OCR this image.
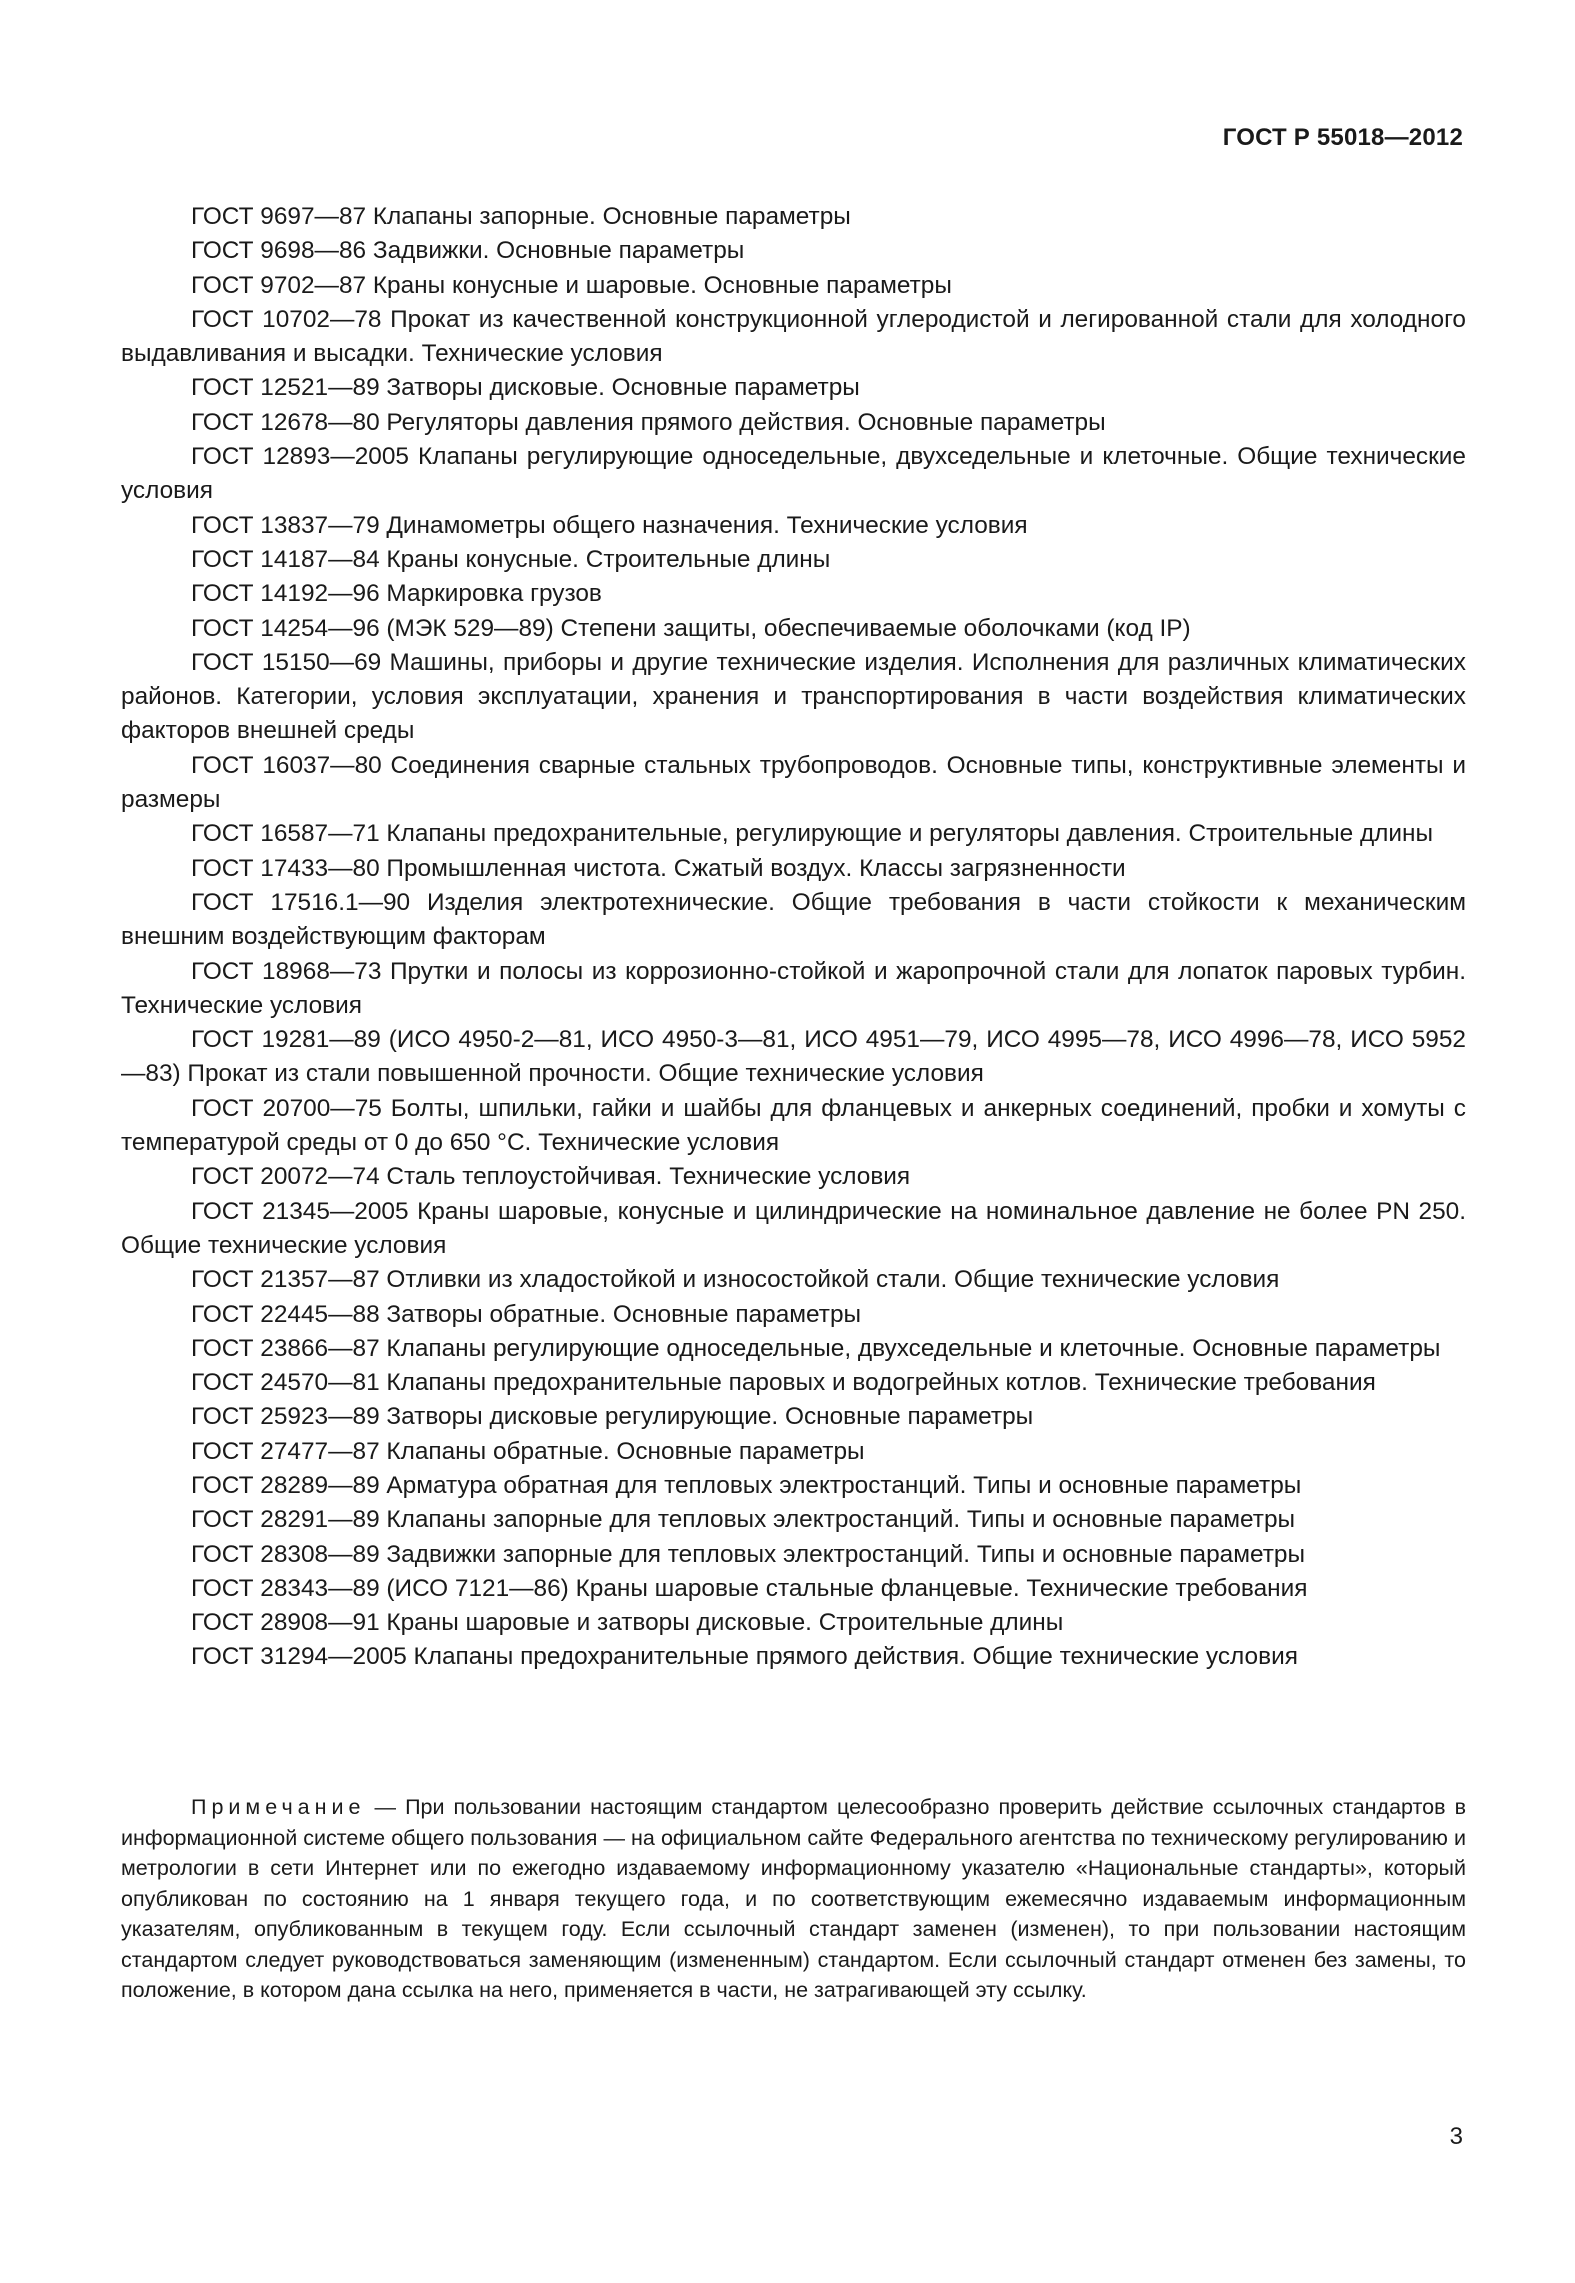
ГОСТ Р 55018—2012

ГОСТ 9697—87 Клапаны запорные. Основные параметры

ГОСТ 9698—86 Задвижки. Основные параметры

ГОСТ 9702—87 Краны конусные и шаровые. Основные параметры

ГОСТ 10702—78 Прокат из качественной конструкционной углеродистой и легированной стали для холодного выдавливания и высадки. Технические условия

ГОСТ 12521—89 Затворы дисковые. Основные параметры

ГОСТ 12678—80 Регуляторы давления прямого действия. Основные параметры

ГОСТ 12893—2005 Клапаны регулирующие односедельные, двухседельные и клеточные. Общие технические условия

ГОСТ 13837—79 Динамометры общего назначения. Технические условия

ГОСТ 14187—84 Краны конусные. Строительные длины

ГОСТ 14192—96 Маркировка грузов

ГОСТ 14254—96 (МЭК 529—89) Степени защиты, обеспечиваемые оболочками (код IP)

ГОСТ 15150—69 Машины, приборы и другие технические изделия. Исполнения для различных климатических районов. Категории, условия эксплуатации, хранения и транспортирования в части воздействия климатических факторов внешней среды

ГОСТ 16037—80 Соединения сварные стальных трубопроводов. Основные типы, конструктивные элементы и размеры

ГОСТ 16587—71 Клапаны предохранительные, регулирующие и регуляторы давления. Строительные длины

ГОСТ 17433—80 Промышленная чистота. Сжатый воздух. Классы загрязненности

ГОСТ 17516.1—90 Изделия электротехнические. Общие требования в части стойкости к механическим внешним воздействующим факторам

ГОСТ 18968—73 Прутки и полосы из коррозионно-стойкой и жаропрочной стали для лопаток паровых турбин. Технические условия

ГОСТ 19281—89 (ИСО 4950-2—81, ИСО 4950-3—81, ИСО 4951—79, ИСО 4995—78, ИСО 4996—78, ИСО 5952—83) Прокат из стали повышенной прочности. Общие технические условия

ГОСТ 20700—75 Болты, шпильки, гайки и шайбы для фланцевых и анкерных соединений, пробки и хомуты с температурой среды от 0 до 650 °С. Технические условия

ГОСТ 20072—74 Сталь теплоустойчивая. Технические условия

ГОСТ 21345—2005 Краны шаровые, конусные и цилиндрические на номинальное давление не более PN 250. Общие технические условия

ГОСТ 21357—87 Отливки из хладостойкой и износостойкой стали. Общие технические условия

ГОСТ 22445—88 Затворы обратные. Основные параметры

ГОСТ 23866—87 Клапаны регулирующие односедельные, двухседельные и клеточные. Основные параметры

ГОСТ 24570—81 Клапаны предохранительные паровых и водогрейных котлов. Технические требования

ГОСТ 25923—89 Затворы дисковые регулирующие. Основные параметры

ГОСТ 27477—87 Клапаны обратные. Основные параметры

ГОСТ 28289—89 Арматура обратная для тепловых электростанций. Типы и основные параметры

ГОСТ 28291—89 Клапаны запорные для тепловых электростанций. Типы и основные параметры

ГОСТ 28308—89 Задвижки запорные для тепловых электростанций. Типы и основные параметры

ГОСТ 28343—89 (ИСО 7121—86) Краны шаровые стальные фланцевые. Технические требования

ГОСТ 28908—91 Краны шаровые и затворы дисковые. Строительные длины

ГОСТ 31294—2005 Клапаны предохранительные прямого действия. Общие технические условия

Примечание — При пользовании настоящим стандартом целесообразно проверить действие ссылочных стандартов в информационной системе общего пользования — на официальном сайте Федерального агентства по техническому регулированию и метрологии в сети Интернет или по ежегодно издаваемому информационному указателю «Национальные стандарты», который опубликован по состоянию на 1 января текущего года, и по соответствующим ежемесячно издаваемым информационным указателям, опубликованным в текущем году. Если ссылочный стандарт заменен (изменен), то при пользовании настоящим стандартом следует руководствоваться заменяющим (измененным) стандартом. Если ссылочный стандарт отменен без замены, то положение, в котором дана ссылка на него, применяется в части, не затрагивающей эту ссылку.

3
